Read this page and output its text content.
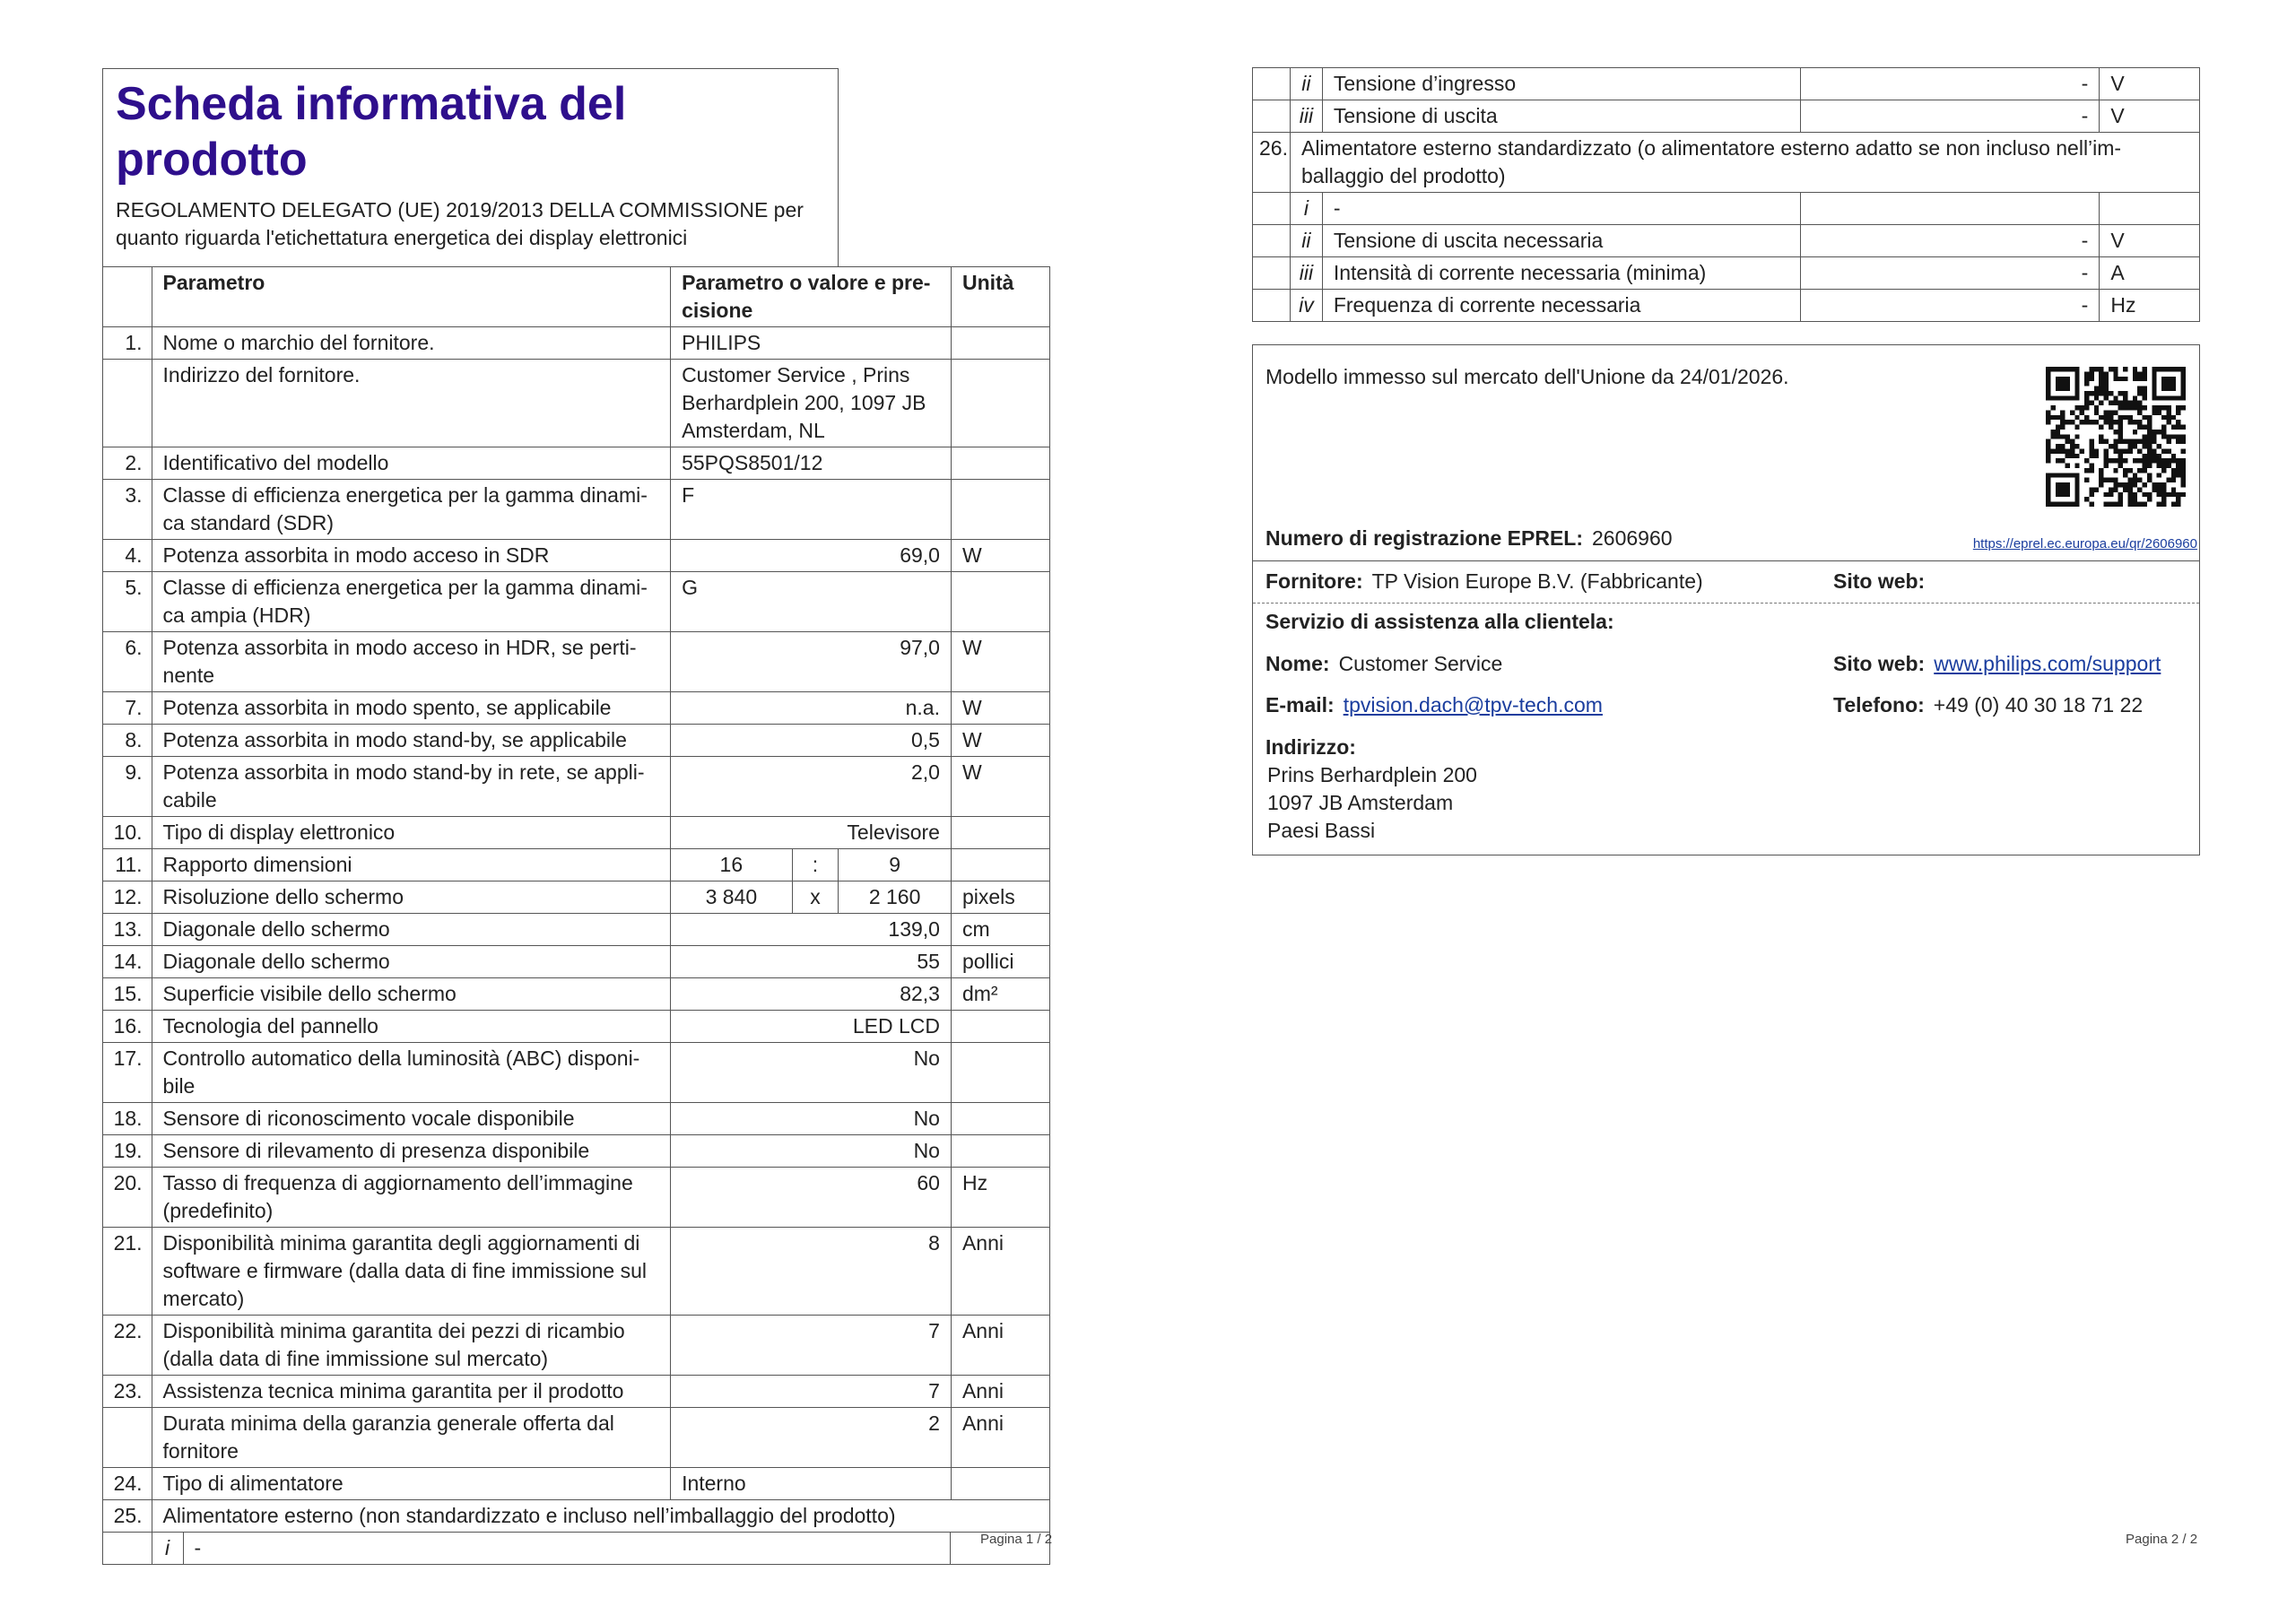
Scheda informativa del prodotto
REGOLAMENTO DELEGATO (UE) 2019/2013 DELLA COMMISSIONE per quanto riguarda l'etichettatura energetica dei display elettronici

	Parametro	Parametro o valore e pre-cisione	Unità
1.	Nome o marchio del fornitore.	PHILIPS	
	Indirizzo del fornitore.	Customer Service , Prins Berhardplein 200, 1097 JB Amsterdam, NL	
2.	Identificativo del modello	55PQS8501/12	
3.	Classe di efficienza energetica per la gamma dinami-ca standard (SDR)	F	
4.	Potenza assorbita in modo acceso in SDR	69,0	W
5.	Classe di efficienza energetica per la gamma dinami-ca ampia (HDR)	G	
6.	Potenza assorbita in modo acceso in HDR, se perti-nente	97,0	W
7.	Potenza assorbita in modo spento, se applicabile	n.a.	W
8.	Potenza assorbita in modo stand-by, se applicabile	0,5	W
9.	Potenza assorbita in modo stand-by in rete, se appli-cabile	2,0	W
10.	Tipo di display elettronico	Televisore	
11.	Rapporto dimensioni	16	:	9	
12.	Risoluzione dello schermo	3 840	x	2 160	pixels
13.	Diagonale dello schermo	139,0	cm
14.	Diagonale dello schermo	55	pollici
15.	Superficie visibile dello schermo	82,3	dm²
16.	Tecnologia del pannello	LED LCD	
17.	Controllo automatico della luminosità (ABC) disponi-bile	No	
18.	Sensore di riconoscimento vocale disponibile	No	
19.	Sensore di rilevamento di presenza disponibile	No	
20.	Tasso di frequenza di aggiornamento dell’immagine (predefinito)	60	Hz
21.	Disponibilità minima garantita degli aggiornamenti di software e firmware (dalla data di fine immissione sul mercato)	8	Anni
22.	Disponibilità minima garantita dei pezzi di ricambio (dalla data di fine immissione sul mercato)	7	Anni
23.	Assistenza tecnica minima garantita per il prodotto	7	Anni
	Durata minima della garanzia generale offerta dal fornitore	2	Anni
24.	Tipo di alimentatore	Interno	
25.	Alimentatore esterno (non standardizzato e incluso nell’imballaggio del prodotto)

i	-		Pagina 1 / 2
	ii	Tensione d’ingresso	-	V
	iii	Tensione di uscita	-	V
26.	Alimentatore esterno standardizzato (o alimentatore esterno adatto se non incluso nell’im-ballaggio del prodotto)			
	i	-		
	ii	Tensione di uscita necessaria	-	V
	iii	Intensità di corrente necessaria (minima)	-	A
	iv	Frequenza di corrente necessaria	-	Hz
Modello immesso sul mercato dell'Unione da 24/01/2026.
Numero di registrazione EPREL: 2606960	https://eprel.ec.europa.eu/qr/2606960
Fornitore: TP Vision Europe B.V. (Fabbricante)	Sito web:
Servizio di assistenza alla clientela:
Nome: Customer Service	Sito web: www.philips.com/support
E-mail: tpvision.dach@tpv-tech.com	Telefono: +49 (0) 40 30 18 71 22
Indirizzo:
Prins Berhardplein 200
1097 JB Amsterdam
Paesi Bassi
Pagina 2 / 2
